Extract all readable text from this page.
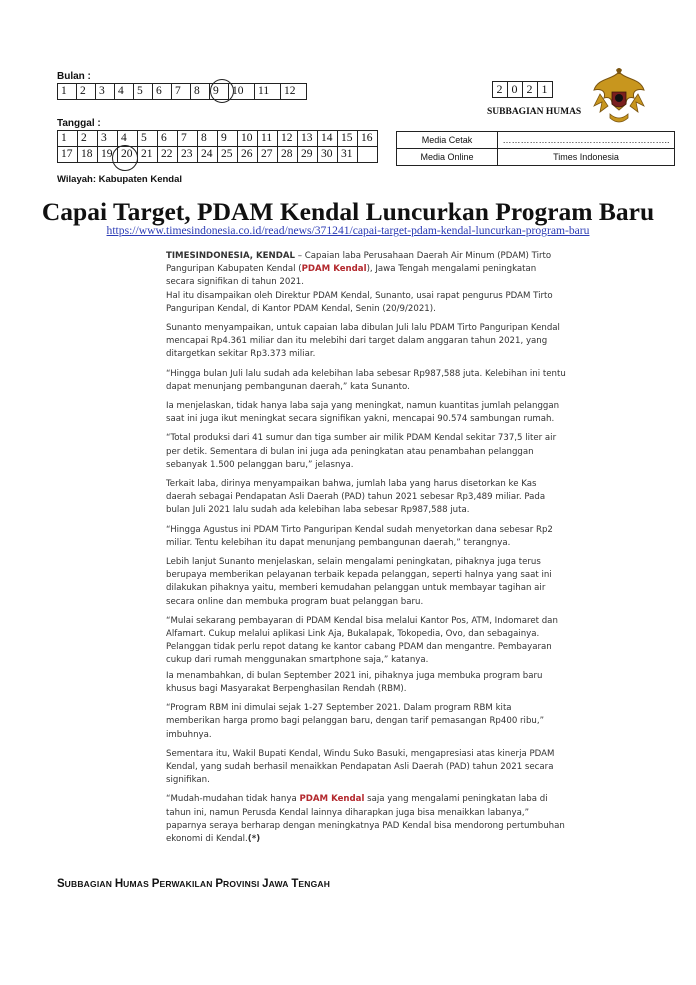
Bulan :
1	2	3	4	5	6	7	8	9	10	11	12	2	0	2	1
SUBBAGIAN HUMAS
Tanggal :
1	2	3	4	5	6	7	8	9	10	11	12	13	14	15	16
17	18	19	20	21	22	23	24	25	26	27	28	29	30	31	
Media Cetak	………………………………………………..
Media Online	Times Indonesia
Wilayah: Kabupaten Kendal
Capai Target, PDAM Kendal Luncurkan Program Baru
https://www.timesindonesia.co.id/read/news/371241/capai-target-pdam-kendal-luncurkan-program-baru

TIMESINDONESIA, KENDAL – Capaian laba Perusahaan Daerah Air Minum (PDAM) Tirto Panguripan Kabupaten Kendal (PDAM Kendal), Jawa Tengah mengalami peningkatan secara signifikan di tahun 2021.
Hal itu disampaikan oleh Direktur PDAM Kendal, Sunanto, usai rapat pengurus PDAM Tirto Panguripan Kendal, di Kantor PDAM Kendal, Senin (20/9/2021).

Sunanto menyampaikan, untuk capaian laba dibulan Juli lalu PDAM Tirto Panguripan Kendal mencapai Rp4.361 miliar dan itu melebihi dari target dalam anggaran tahun 2021, yang ditargetkan sekitar Rp3.373 miliar.

“Hingga bulan Juli lalu sudah ada kelebihan laba sebesar Rp987,588 juta. Kelebihan ini tentu dapat menunjang pembangunan daerah,” kata Sunanto.

Ia menjelaskan, tidak hanya laba saja yang meningkat, namun kuantitas jumlah pelanggan saat ini juga ikut meningkat secara signifikan yakni, mencapai 90.574 sambungan rumah.

“Total produksi dari 41 sumur dan tiga sumber air milik PDAM Kendal sekitar 737,5 liter air per detik. Sementara di bulan ini juga ada peningkatan atau penambahan pelanggan sebanyak 1.500 pelanggan baru,” jelasnya.

Terkait laba, dirinya menyampaikan bahwa, jumlah laba yang harus disetorkan ke Kas daerah sebagai Pendapatan Asli Daerah (PAD) tahun 2021 sebesar Rp3,489 miliar. Pada bulan Juli 2021 lalu sudah ada kelebihan laba sebesar Rp987,588 juta.

“Hingga Agustus ini PDAM Tirto Panguripan Kendal sudah menyetorkan dana sebesar Rp2 miliar. Tentu kelebihan itu dapat menunjang pembangunan daerah,” terangnya.

Lebih lanjut Sunanto menjelaskan, selain mengalami peningkatan, pihaknya juga terus berupaya memberikan pelayanan terbaik kepada pelanggan, seperti halnya yang saat ini dilakukan pihaknya yaitu, memberi kemudahan pelanggan untuk membayar tagihan air secara online dan membuka program buat pelanggan baru.

“Mulai sekarang pembayaran di PDAM Kendal bisa melalui Kantor Pos, ATM, Indomaret dan Alfamart. Cukup melalui aplikasi Link Aja, Bukalapak, Tokopedia, Ovo, dan sebagainya. Pelanggan tidak perlu repot datang ke kantor cabang PDAM dan mengantre. Pembayaran cukup dari rumah menggunakan smartphone saja,” katanya.

Ia menambahkan, di bulan September 2021 ini, pihaknya juga membuka program baru khusus bagi Masyarakat Berpenghasilan Rendah (RBM).

“Program RBM ini dimulai sejak 1-27 September 2021. Dalam program RBM kita memberikan harga promo bagi pelanggan baru, dengan tarif pemasangan Rp400 ribu,” imbuhnya.

Sementara itu, Wakil Bupati Kendal, Windu Suko Basuki, mengapresiasi atas kinerja PDAM Kendal, yang sudah berhasil menaikkan Pendapatan Asli Daerah (PAD) tahun 2021 secara signifikan.

“Mudah-mudahan tidak hanya PDAM Kendal saja yang mengalami peningkatan laba di tahun ini, namun Perusda Kendal lainnya diharapkan juga bisa menaikkan labanya,” paparnya seraya berharap dengan meningkatnya PAD Kendal bisa mendorong pertumbuhan ekonomi di Kendal.(*)

SUBBAGIAN HUMAS PERWAKILAN PROVINSI JAWA TENGAH
